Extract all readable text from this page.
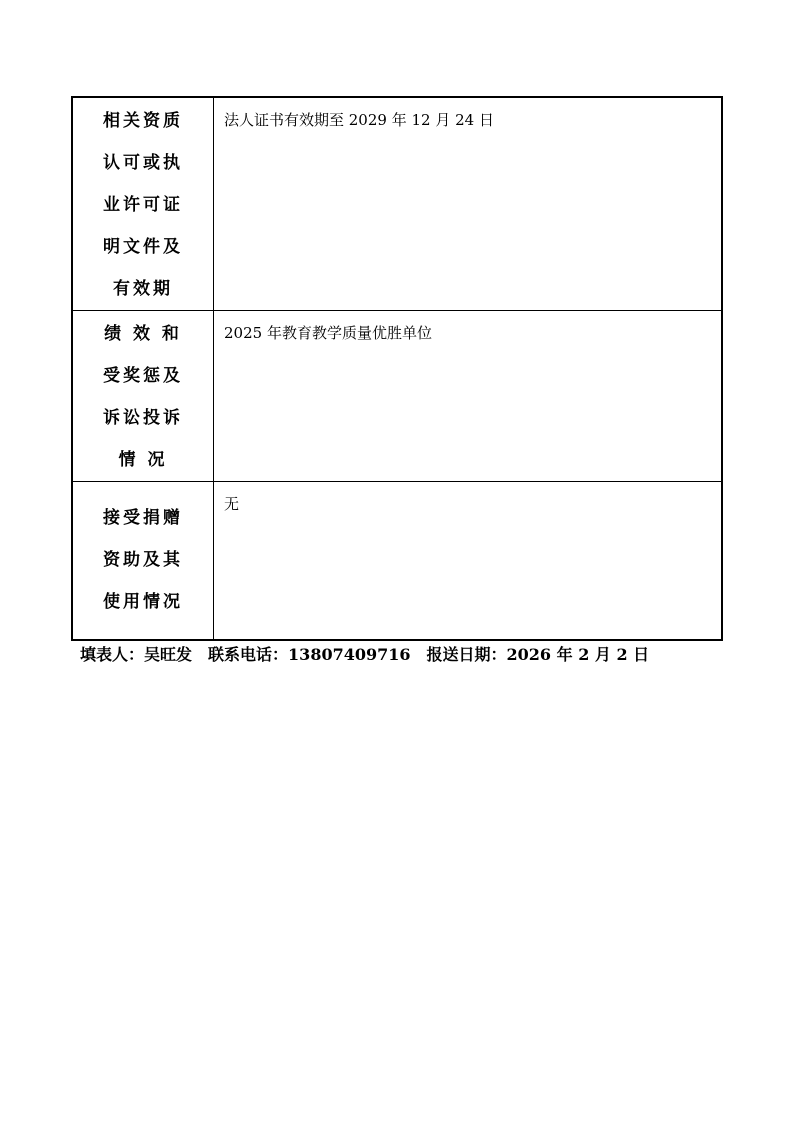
相关资质
认可或执
业许可证
明文件及
有效期	法人证书有效期至 2029 年 12 月 24 日

绩 效 和
受奖惩及
诉讼投诉
情 况	2025 年教育教学质量优胜单位

接受捐赠
资助及其
使用情况	无
填表人：吴旺发 联系电话：13807409716 报送日期：2026 年 2 月 2 日
